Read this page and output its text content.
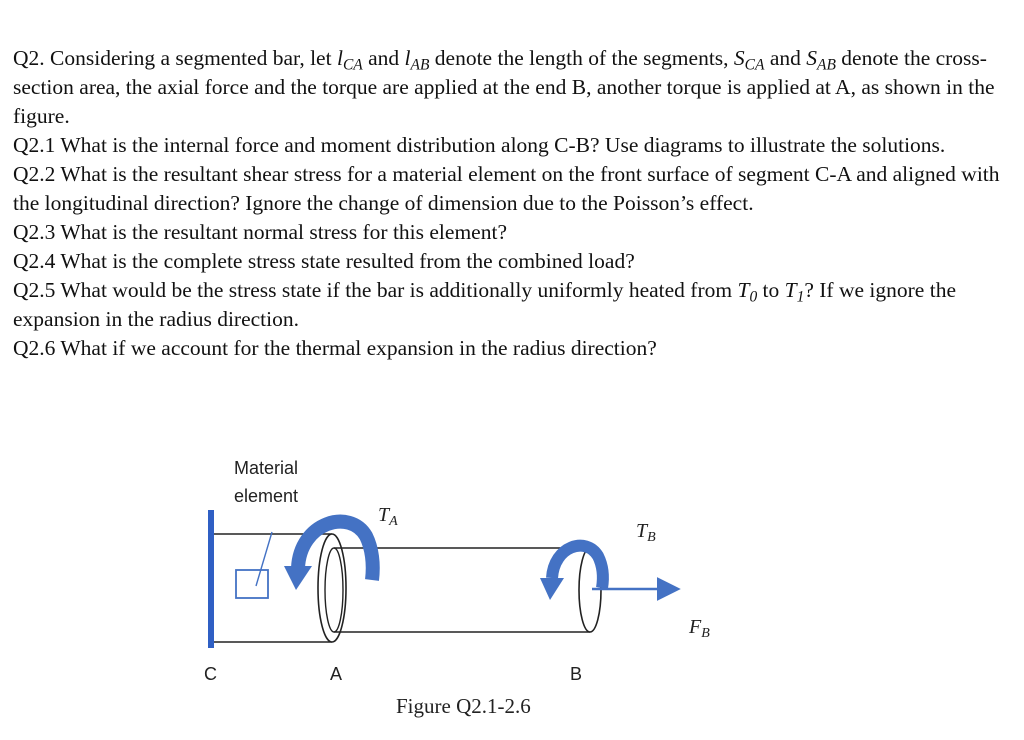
Q2. Considering a segmented bar, let $l_{CA}$ and $l_{AB}$ denote the length of the segments, $S_{CA}$ and $S_{AB}$ denote the cross-section area, the axial force and the torque are applied at the end B, another torque is applied at A, as shown in the figure.

Q2.1 What is the internal force and moment distribution along C-B? Use diagrams to illustrate the solutions.

Q2.2 What is the resultant shear stress for a material element on the front surface of segment C-A and aligned with the longitudinal direction? Ignore the change of dimension due to the Poisson’s effect.

Q2.3 What is the resultant normal stress for this element?

Q2.4 What is the complete stress state resulted from the combined load?

Q2.5 What would be the stress state if the bar is additionally uniformly heated from $T_0$ to $T_1$? If we ignore the expansion in the radius direction.

Q2.6 What if we account for the thermal expansion in the radius direction?

Material
element
$T_A$	$T_B$
$F_B$
C	A	B
Figure Q2.1-2.6
